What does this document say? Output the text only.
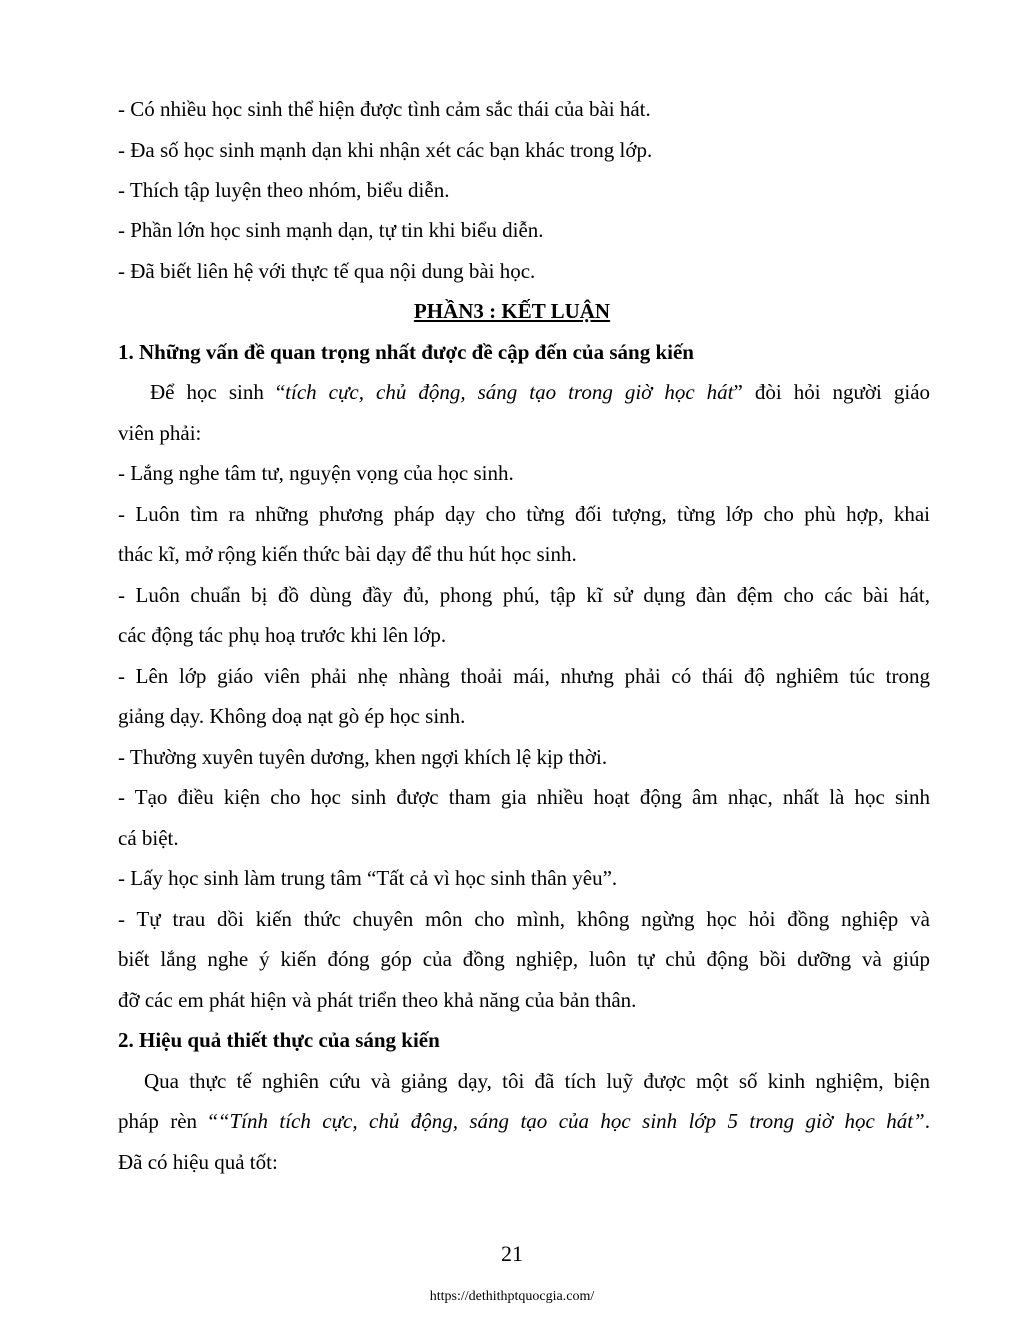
- Có nhiều học sinh thể hiện được tình cảm sắc thái của bài hát.
- Đa số học sinh mạnh dạn khi nhận xét các bạn khác trong lớp.
- Thích tập luyện theo nhóm, biểu diễn.
- Phần lớn học sinh mạnh dạn, tự tin khi biểu diễn.
- Đã biết liên hệ với thực tế qua nội dung bài học.
PHẦN3 : KẾT LUẬN
1. Những vấn đề quan trọng nhất được đề cập đến của sáng kiến
Để học sinh “tích cực, chủ động, sáng tạo trong giờ học hát” đòi hỏi người giáo
viên phải:
- Lắng nghe tâm tư, nguyện vọng của học sinh.
- Luôn tìm ra những phương pháp dạy cho từng đối tượng, từng lớp cho phù hợp, khai
thác kĩ, mở rộng kiến thức bài dạy để thu hút học sinh.
- Luôn chuẩn bị đồ dùng đầy đủ, phong phú, tập kĩ sử dụng đàn đệm cho các bài hát,
các động tác phụ hoạ trước khi lên lớp.
- Lên lớp giáo viên phải nhẹ nhàng thoải mái, nhưng phải có thái độ nghiêm túc trong
giảng dạy. Không doạ nạt gò ép học sinh.
- Thường xuyên tuyên dương, khen ngợi khích lệ kịp thời.
- Tạo điều kiện cho học sinh được tham gia nhiều hoạt động âm nhạc, nhất là học sinh
cá biệt.
- Lấy học sinh làm trung tâm “Tất cả vì học sinh thân yêu”.
- Tự trau dồi kiến thức chuyên môn cho mình, không ngừng học hỏi đồng nghiệp và
biết lắng nghe ý kiến đóng góp của đồng nghiệp, luôn tự chủ động bồi dưỡng và giúp
đỡ các em phát hiện và phát triển theo khả năng của bản thân.
2. Hiệu quả thiết thực của sáng kiến
Qua thực tế nghiên cứu và giảng dạy, tôi đã tích luỹ được một số kinh nghiệm, biện
pháp rèn ““Tính tích cực, chủ động, sáng tạo của học sinh lớp 5 trong giờ học hát”.
Đã có hiệu quả tốt:
21
https://dethithptquocgia.com/
